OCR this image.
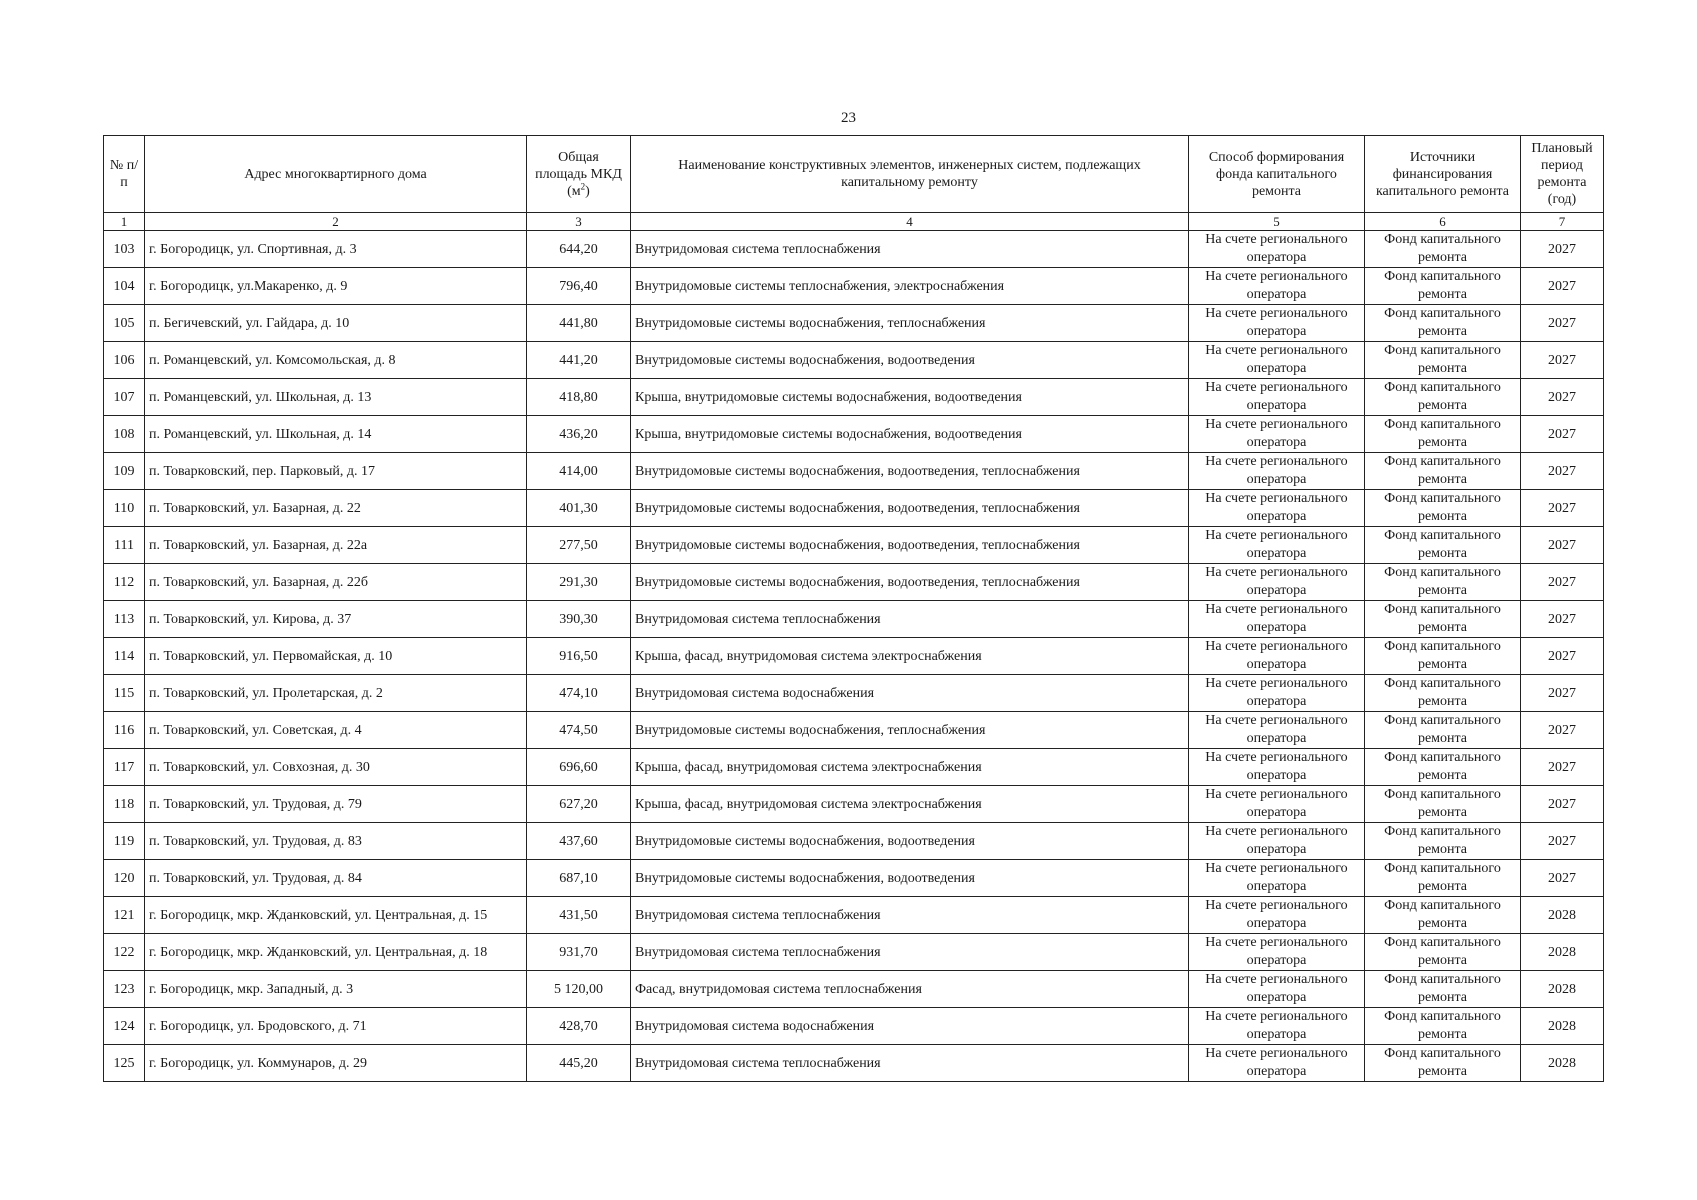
23
№ п/п	Адрес многоквартирного дома	Общая площадь МКД $(м^2)$	Наименование конструктивных элементов, инженерных систем, подлежащих капитальному ремонту	Способ формирования фонда капитального ремонта	Источники финансирования капитального ремонта	Плановый период ремонта (год)
1	2	3	4	5	6	7
103	г. Богородицк, ул. Спортивная, д. 3	644,20	Внутридомовая система теплоснабжения	На счете регионального оператора	Фонд капитального ремонта	2027
104	г. Богородицк, ул.Макаренко, д. 9	796,40	Внутридомовые системы теплоснабжения, электроснабжения	На счете регионального оператора	Фонд капитального ремонта	2027
105	п. Бегичевский, ул. Гайдара, д. 10	441,80	Внутридомовые системы водоснабжения, теплоснабжения	На счете регионального оператора	Фонд капитального ремонта	2027
106	п. Романцевский, ул. Комсомольская, д. 8	441,20	Внутридомовые системы водоснабжения, водоотведения	На счете регионального оператора	Фонд капитального ремонта	2027
107	п. Романцевский, ул. Школьная, д. 13	418,80	Крыша, внутридомовые системы водоснабжения, водоотведения	На счете регионального оператора	Фонд капитального ремонта	2027
108	п. Романцевский, ул. Школьная, д. 14	436,20	Крыша, внутридомовые системы водоснабжения, водоотведения	На счете регионального оператора	Фонд капитального ремонта	2027
109	п. Товарковский, пер. Парковый, д. 17	414,00	Внутридомовые системы водоснабжения, водоотведения, теплоснабжения	На счете регионального оператора	Фонд капитального ремонта	2027
110	п. Товарковский, ул. Базарная, д. 22	401,30	Внутридомовые системы водоснабжения, водоотведения, теплоснабжения	На счете регионального оператора	Фонд капитального ремонта	2027
111	п. Товарковский, ул. Базарная, д. 22а	277,50	Внутридомовые системы водоснабжения, водоотведения, теплоснабжения	На счете регионального оператора	Фонд капитального ремонта	2027
112	п. Товарковский, ул. Базарная, д. 22б	291,30	Внутридомовые системы водоснабжения, водоотведения, теплоснабжения	На счете регионального оператора	Фонд капитального ремонта	2027
113	п. Товарковский, ул. Кирова, д. 37	390,30	Внутридомовая система теплоснабжения	На счете регионального оператора	Фонд капитального ремонта	2027
114	п. Товарковский, ул. Первомайская, д. 10	916,50	Крыша, фасад, внутридомовая система электроснабжения	На счете регионального оператора	Фонд капитального ремонта	2027
115	п. Товарковский, ул. Пролетарская, д. 2	474,10	Внутридомовая система водоснабжения	На счете регионального оператора	Фонд капитального ремонта	2027
116	п. Товарковский, ул. Советская, д. 4	474,50	Внутридомовые системы водоснабжения, теплоснабжения	На счете регионального оператора	Фонд капитального ремонта	2027
117	п. Товарковский, ул. Совхозная, д. 30	696,60	Крыша, фасад, внутридомовая система электроснабжения	На счете регионального оператора	Фонд капитального ремонта	2027
118	п. Товарковский, ул. Трудовая, д. 79	627,20	Крыша, фасад, внутридомовая система электроснабжения	На счете регионального оператора	Фонд капитального ремонта	2027
119	п. Товарковский, ул. Трудовая, д. 83	437,60	Внутридомовые системы водоснабжения, водоотведения	На счете регионального оператора	Фонд капитального ремонта	2027
120	п. Товарковский, ул. Трудовая, д. 84	687,10	Внутридомовые системы водоснабжения, водоотведения	На счете регионального оператора	Фонд капитального ремонта	2027
121	г. Богородицк, мкр. Жданковский, ул. Центральная, д. 15	431,50	Внутридомовая система теплоснабжения	На счете регионального оператора	Фонд капитального ремонта	2028
122	г. Богородицк, мкр. Жданковский, ул. Центральная, д. 18	931,70	Внутридомовая система теплоснабжения	На счете регионального оператора	Фонд капитального ремонта	2028
123	г. Богородицк, мкр. Западный, д. 3	5 120,00	Фасад, внутридомовая система теплоснабжения	На счете регионального оператора	Фонд капитального ремонта	2028
124	г. Богородицк, ул. Бродовского, д. 71	428,70	Внутридомовая система водоснабжения	На счете регионального оператора	Фонд капитального ремонта	2028
125	г. Богородицк, ул. Коммунаров, д. 29	445,20	Внутридомовая система теплоснабжения	На счете регионального оператора	Фонд капитального ремонта	2028
